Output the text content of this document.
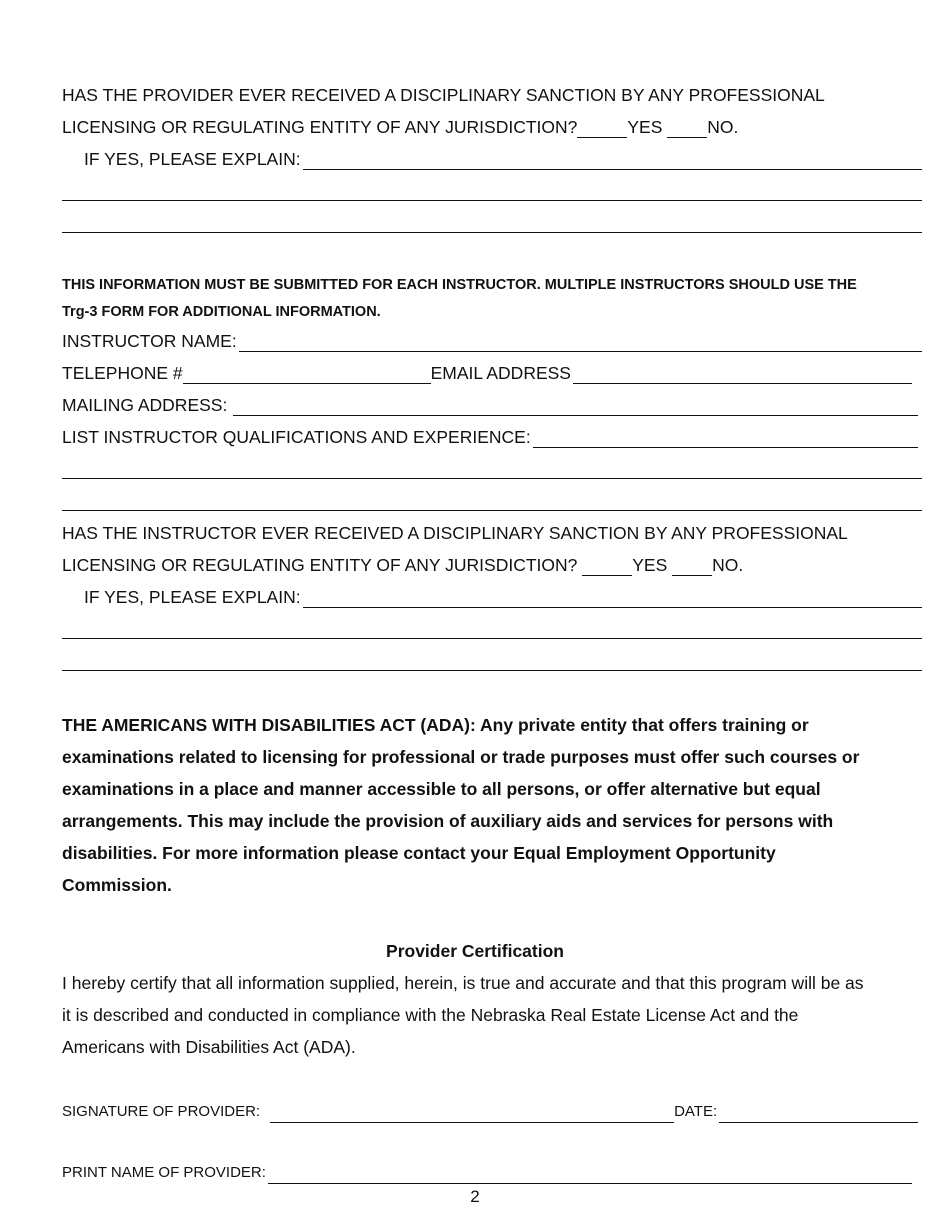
HAS THE PROVIDER EVER RECEIVED A DISCIPLINARY SANCTION BY ANY PROFESSIONAL
LICENSING OR REGULATING ENTITY OF ANY JURISDICTION?	YES	NO.
IF YES, PLEASE EXPLAIN:
THIS INFORMATION MUST BE SUBMITTED FOR EACH INSTRUCTOR. MULTIPLE INSTRUCTORS SHOULD USE THE
Trg-3 FORM FOR ADDITIONAL INFORMATION.
INSTRUCTOR NAME:
TELEPHONE #	EMAIL ADDRESS
MAILING ADDRESS:
LIST INSTRUCTOR QUALIFICATIONS AND EXPERIENCE:
HAS THE INSTRUCTOR EVER RECEIVED A DISCIPLINARY SANCTION BY ANY PROFESSIONAL
LICENSING OR REGULATING ENTITY OF ANY JURISDICTION?	YES	NO.
IF YES, PLEASE EXPLAIN:
THE AMERICANS WITH DISABILITIES ACT (ADA): Any private entity that offers training or
examinations related to licensing for professional or trade purposes must offer such courses or
examinations in a place and manner accessible to all persons, or offer alternative but equal
arrangements. This may include the provision of auxiliary aids and services for persons with
disabilities. For more information please contact your Equal Employment Opportunity
Commission.
Provider Certification
I hereby certify that all information supplied, herein, is true and accurate and that this program will be as
it is described and conducted in compliance with the Nebraska Real Estate License Act and the
Americans with Disabilities Act (ADA).
SIGNATURE OF PROVIDER:	DATE:
PRINT NAME OF PROVIDER:
2
